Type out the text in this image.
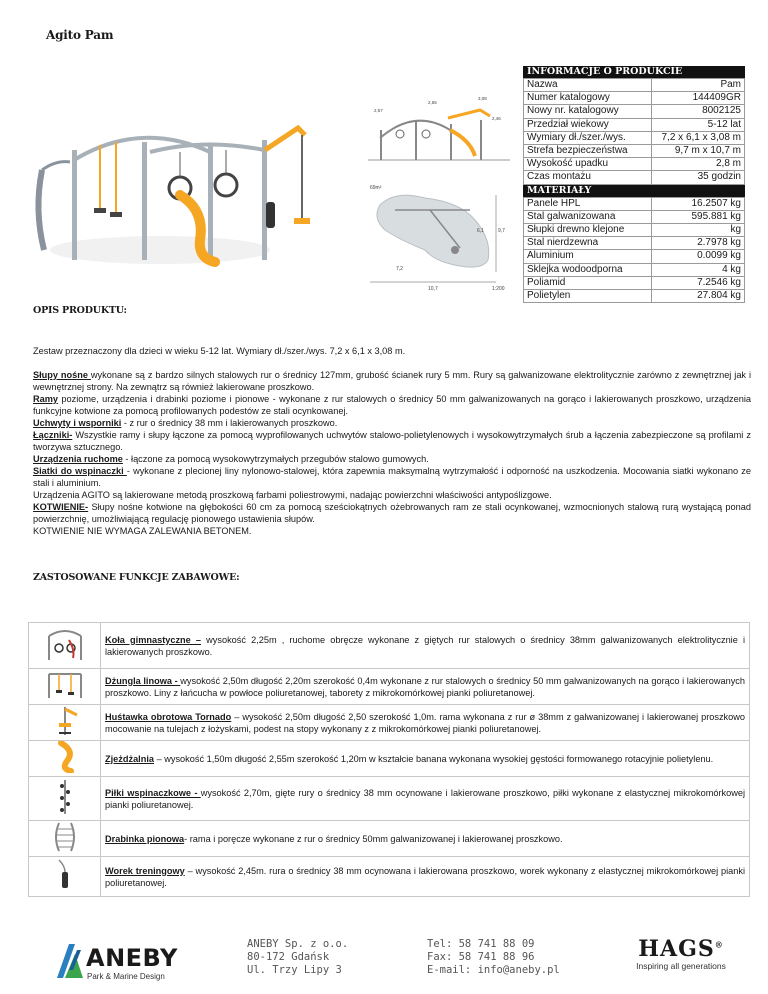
Agito Pam
2,57
2,65
3,08
2,46
69m²
6,1	9,7
7,2
10,7	1:200
INFORMACJE O PRODUKCIE
Nazwa	Pam
Numer katalogowy	144409GR
Nowy nr. katalogowy	8002125
Przedział wiekowy	5-12 lat
Wymiary dł./szer./wys.	7,2 x 6,1 x 3,08 m
Strefa bezpieczeństwa	9,7 m x 10,7 m
Wysokość upadku	2,8 m
Czas montażu	35 godzin
MATERIAŁY
Panele HPL	16.2507 kg
Stal galwanizowana	595.881 kg
Słupki drewno klejone	kg
Stal nierdzewna	2.7978 kg
Aluminium	0.0099 kg
Sklejka wodoodporna	4 kg
Poliamid	7.2546 kg
Polietylen	27.804 kg
OPIS PRODUKTU:
Zestaw przeznaczony dla dzieci w wieku 5-12 lat. Wymiary dł./szer./wys. 7,2 x 6,1 x 3,08 m.
Słupy nośne wykonane są z bardzo silnych stalowych rur o średnicy 127mm, grubość ścianek rury 5 mm. Rury są galwanizowane elektrolitycznie zarówno z zewnętrznej jak i wewnętrznej strony. Na zewnątrz są również lakierowane proszkowo.
Ramy poziome, urządzenia i drabinki poziome i pionowe - wykonane z rur stalowych o średnicy 50 mm galwanizowanych na gorąco i lakierowanych proszkowo, urządzenia funkcyjne kotwione za pomocą profilowanych podestów ze stali ocynkowanej.
Uchwyty i wsporniki - z rur o średnicy 38 mm i lakierowanych proszkowo.
Łączniki- Wszystkie ramy i słupy łączone za pomocą wyprofilowanych uchwytów stalowo-polietylenowych i wysokowytrzymałych śrub a łączenia zabezpieczone są profilami z tworzywa sztucznego.
Urządzenia ruchome - łączone za pomocą wysokowytrzymałych przegubów stalowo gumowych.
Siatki do wspinaczki - wykonane z plecionej liny nylonowo-stalowej, która zapewnia maksymalną wytrzymałość i odporność na uszkodzenia. Mocowania siatki wykonano ze stali i aluminium.
Urządzenia AGITO są lakierowane metodą proszkową farbami poliestrowymi, nadając powierzchni właściwości antypoślizgowe.
KOTWIENIE- Słupy nośne kotwione na głębokości 60 cm za pomocą sześciokątnych ożebrowanych ram ze stali ocynkowanej, wzmocnionych stalową rurą wystającą ponad powierzchnię, umożliwiającą regulację pionowego ustawienia słupów.
KOTWIENIE NIE WYMAGA ZALEWANIA BETONEM.
ZASTOSOWANE FUNKCJE ZABAWOWE:
	Koła gimnastyczne – wysokość 2,25m , ruchome obręcze wykonane z giętych rur stalowych o średnicy 38mm galwanizowanych elektrolitycznie i lakierowanych proszkowo.
	Dżungla linowa - wysokość 2,50m długość 2,20m szerokość 0,4m wykonane z rur stalowych o średnicy 50 mm galwanizowanych na gorąco i lakierowanych proszkowo. Liny z łańcucha w powłoce poliuretanowej, taborety z mikrokomórkowej pianki poliuretanowej.
	Huśtawka obrotowa Tornado – wysokość 2,50m długość 2,50 szerokość 1,0m. rama wykonana z rur ø 38mm z galwanizowanej i lakierowanej proszkowo mocowanie na tulejach z łożyskami, podest na stopy wykonany z z mikrokomórkowej pianki poliuretanowej.
	Zjeżdżalnia – wysokość 1,50m długość 2,55m szerokość 1,20m w kształcie banana wykonana wysokiej gęstości formowanego rotacyjnie polietylenu.
	Piłki wspinaczkowe - wysokość 2,70m, gięte rury o średnicy 38 mm ocynowane i lakierowane proszkowo, piłki wykonane z elastycznej mikrokomórkowej pianki poliuretanowej.
	Drabinka pionowa- rama i poręcze wykonane z rur o średnicy 50mm galwanizowanej i lakierowanej proszkowo.
	Worek treningowy – wysokość 2,45m. rura o średnicy 38 mm ocynowana i lakierowana proszkowo, worek wykonany z elastycznej mikrokomórkowej pianki poliuretanowej.
ANEBY
Park & Marine Design
ANEBY Sp. z o.o.
80-172 Gdańsk
Ul. Trzy Lipy 3
Tel: 58 741 88 09
Fax: 58 741 88 96
E-mail: info@aneby.pl
HAGS®
Inspiring all generations
